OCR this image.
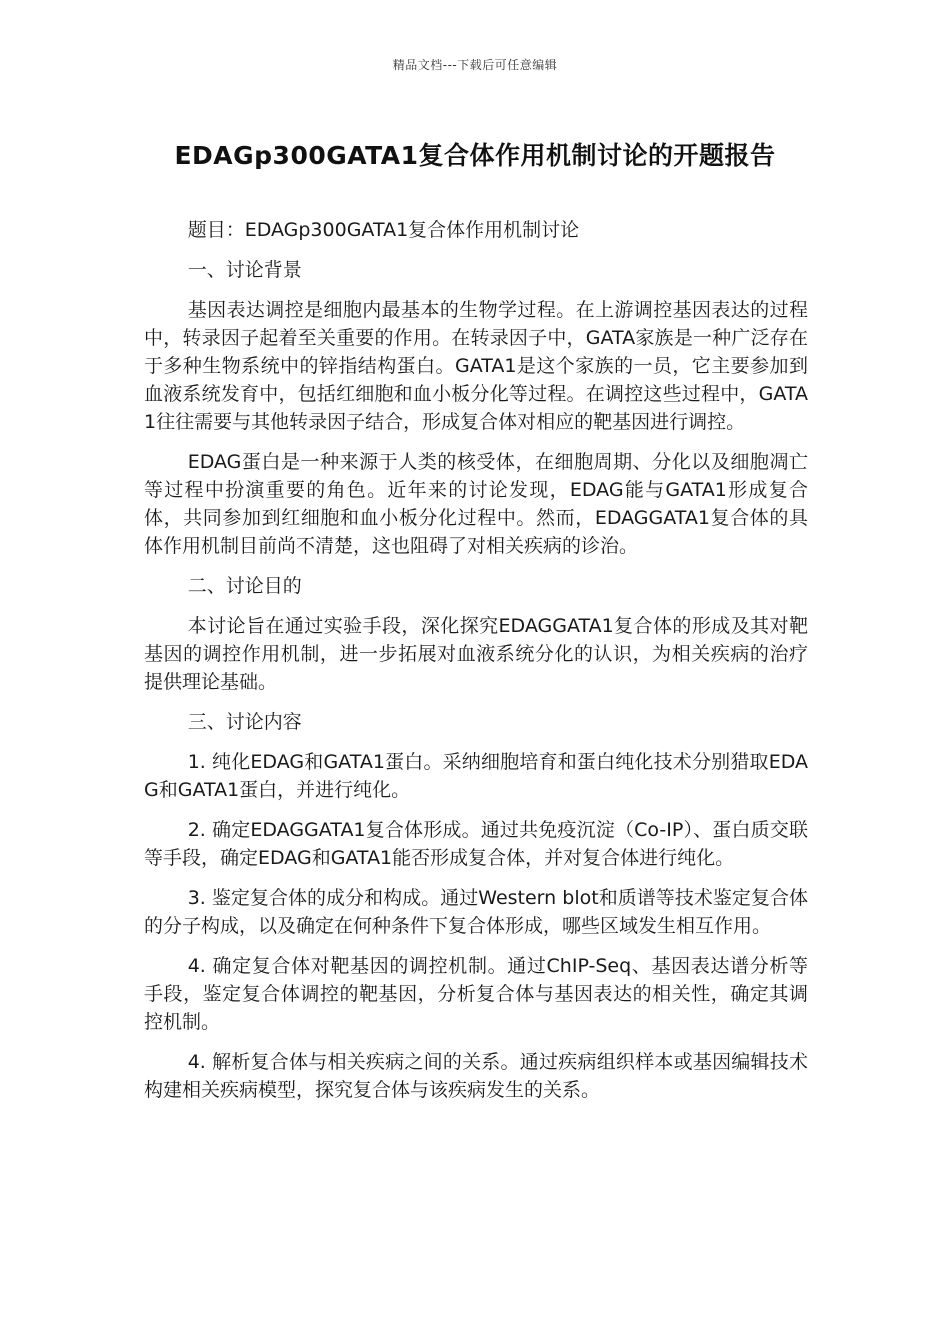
精品文档---下载后可任意编辑
EDAGp300GATA1复合体作用机制讨论的开题报告

题目：EDAGp300GATA1复合体作用机制讨论

一、讨论背景

基因表达调控是细胞内最基本的生物学过程。在上游调控基因表达的过程中，转录因子起着至关重要的作用。在转录因子中，GATA家族是一种广泛存在于多种生物系统中的锌指结构蛋白。GATA1是这个家族的一员，它主要参加到血液系统发育中，包括红细胞和血小板分化等过程。在调控这些过程中，GATA1往往需要与其他转录因子结合，形成复合体对相应的靶基因进行调控。

EDAG蛋白是一种来源于人类的核受体，在细胞周期、分化以及细胞凋亡等过程中扮演重要的角色。近年来的讨论发现，EDAG能与GATA1形成复合体，共同参加到红细胞和血小板分化过程中。然而，EDAGGATA1复合体的具体作用机制目前尚不清楚，这也阻碍了对相关疾病的诊治。

二、讨论目的

本讨论旨在通过实验手段，深化探究EDAGGATA1复合体的形成及其对靶基因的调控作用机制，进一步拓展对血液系统分化的认识，为相关疾病的治疗提供理论基础。

三、讨论内容

1. 纯化EDAG和GATA1蛋白。采纳细胞培育和蛋白纯化技术分别猎取EDAG和GATA1蛋白，并进行纯化。

2. 确定EDAGGATA1复合体形成。通过共免疫沉淀（Co-IP）、蛋白质交联等手段，确定EDAG和GATA1能否形成复合体，并对复合体进行纯化。

3. 鉴定复合体的成分和构成。通过Western blot和质谱等技术鉴定复合体的分子构成，以及确定在何种条件下复合体形成，哪些区域发生相互作用。

4. 确定复合体对靶基因的调控机制。通过ChIP-Seq、基因表达谱分析等手段，鉴定复合体调控的靶基因，分析复合体与基因表达的相关性，确定其调控机制。

4. 解析复合体与相关疾病之间的关系。通过疾病组织样本或基因编辑技术构建相关疾病模型，探究复合体与该疾病发生的关系。
